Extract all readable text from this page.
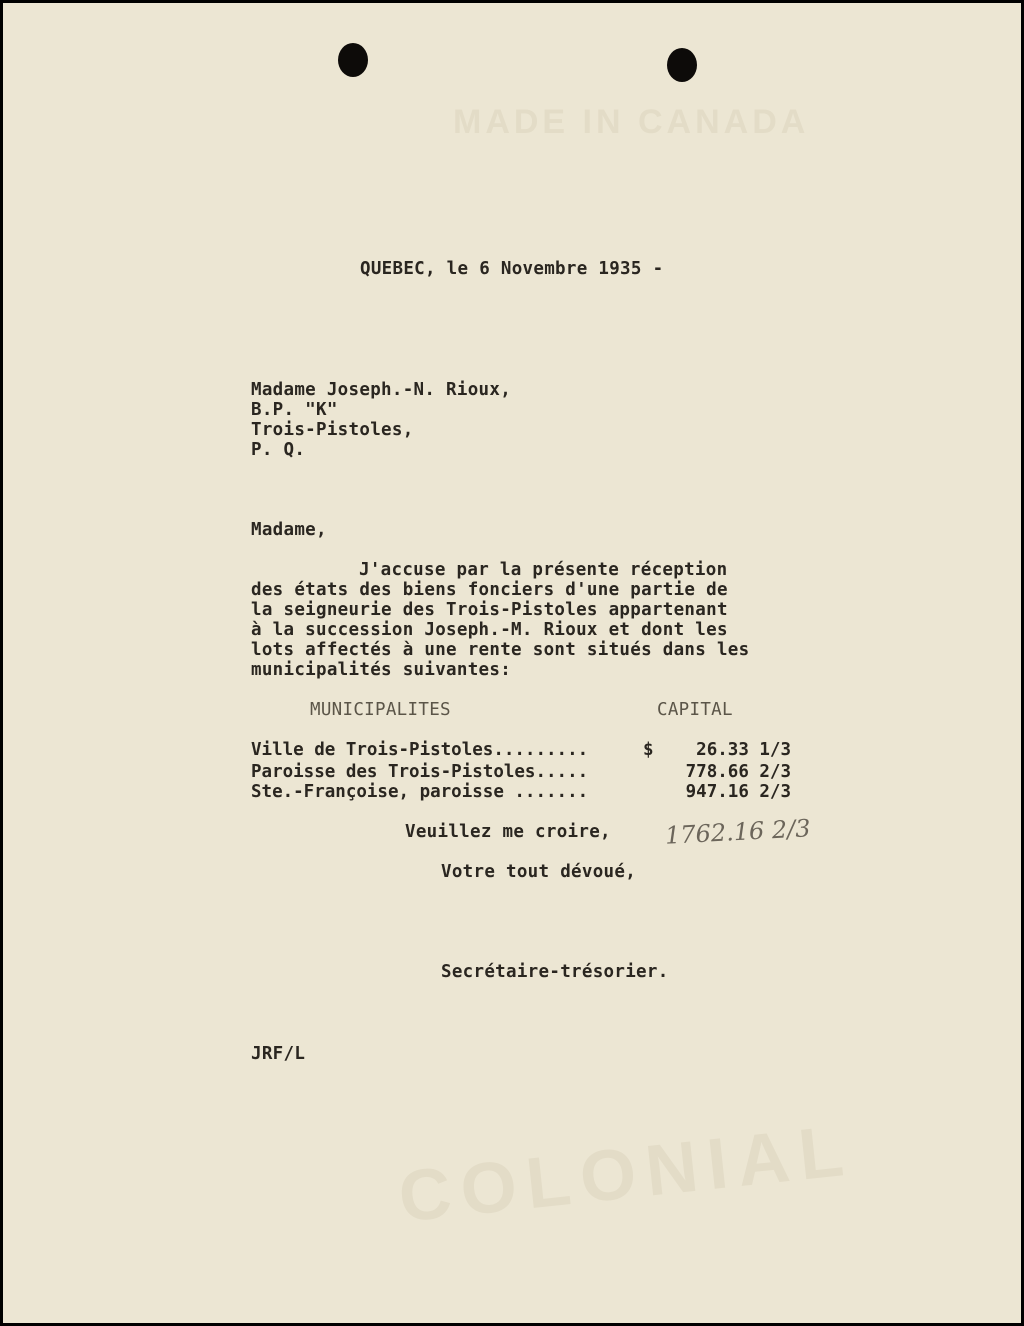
MADE IN CANADA
COLONIAL
QUEBEC, le 6 Novembre 1935 -
Madame Joseph.-N. Rioux,
B.P. "K"
Trois-Pistoles,
P. Q.
Madame,
J'accuse par la présente réception
des états des biens fonciers d'une partie de
la seigneurie des Trois-Pistoles appartenant
à la succession Joseph.-M. Rioux et dont les
lots affectés à une rente sont situés dans les
municipalités suivantes:
MUNICIPALITES	CAPITAL
Ville de Trois-Pistoles.........	$ 26.33 1/3
Paroisse des Trois-Pistoles.....	778.66 2/3
Ste.-Françoise, paroisse .......	947.16 2/3
Veuillez me croire, 1762.16 2/3
Votre tout dévoué,
Secrétaire-trésorier.
JRF/L
